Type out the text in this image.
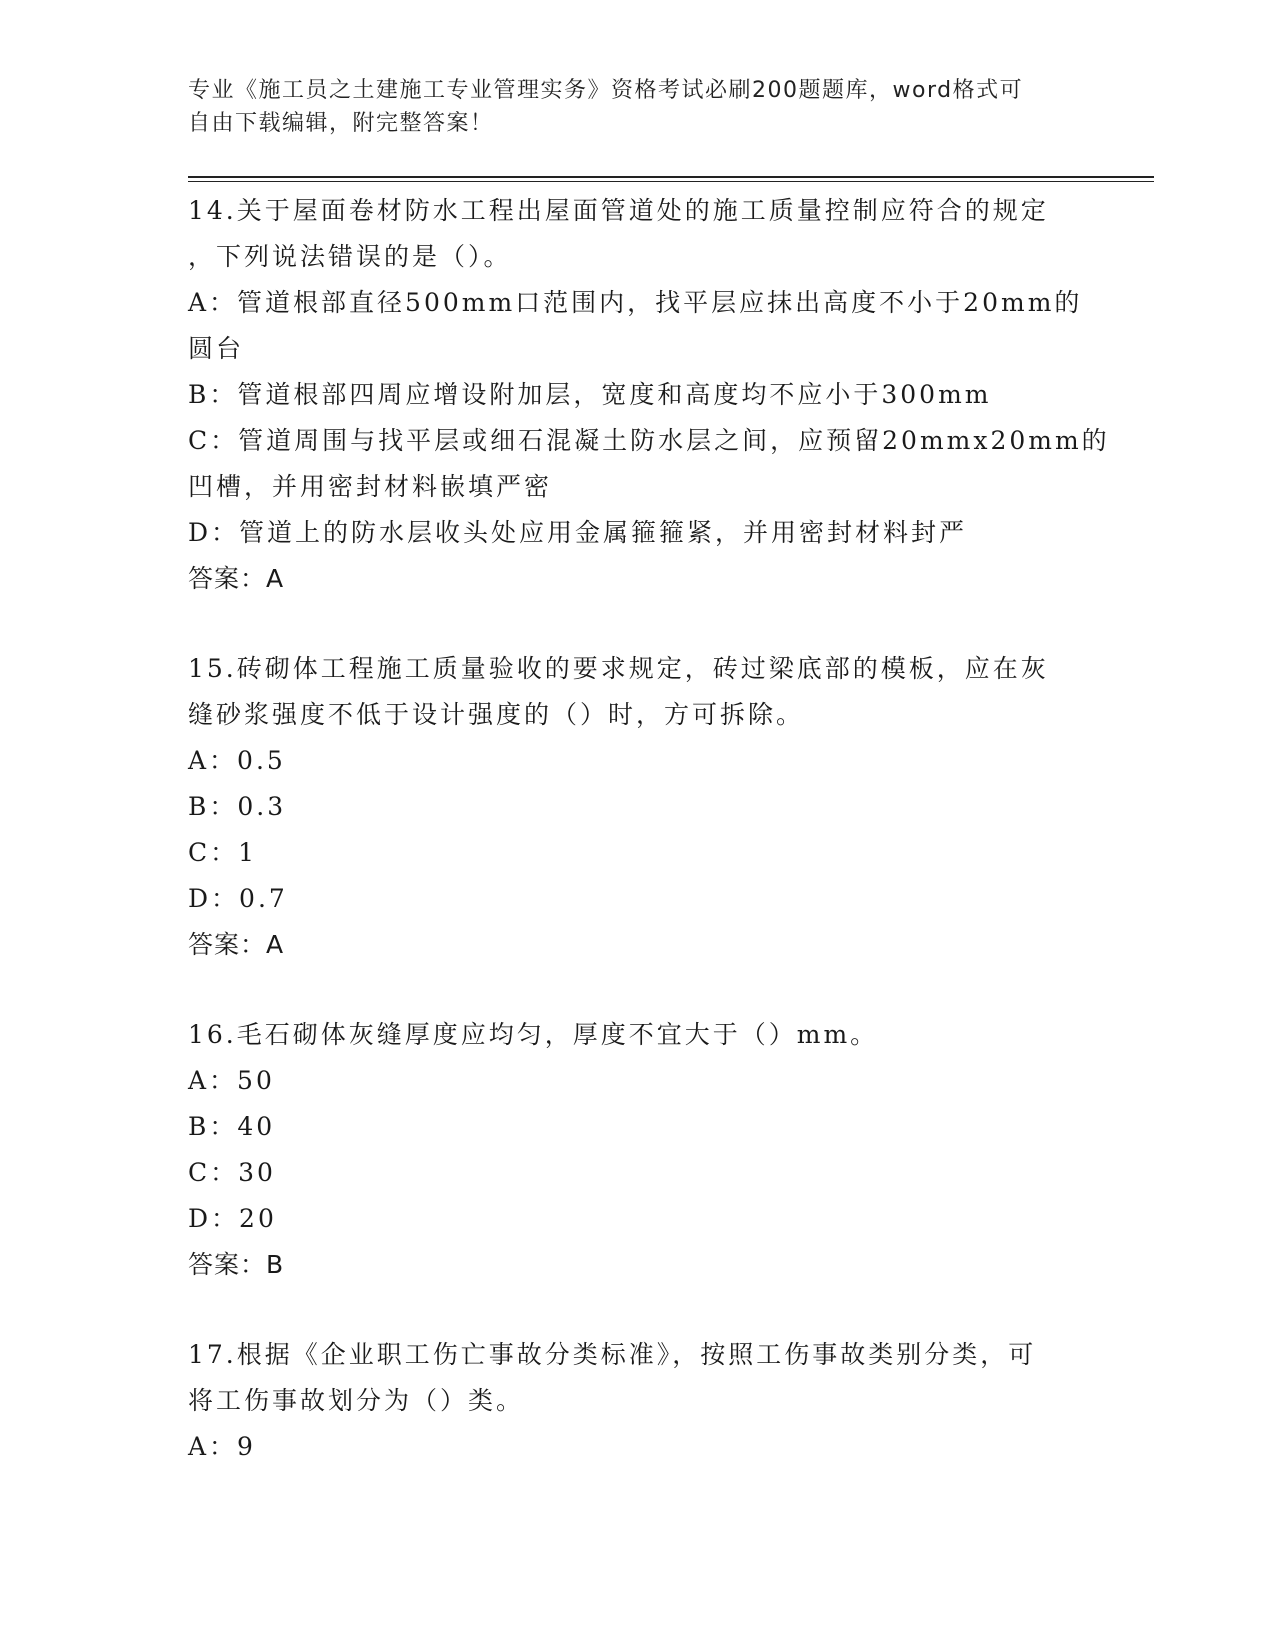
专业《施工员之土建施工专业管理实务》资格考试必刷200题题库，word格式可
自由下载编辑，附完整答案！

14.关于屋面卷材防水工程出屋面管道处的施工质量控制应符合的规定

，下列说法错误的是（）。

A：管道根部直径500mm口范围内，找平层应抹出高度不小于20mm的

圆台

B：管道根部四周应增设附加层，宽度和高度均不应小于300mm

C：管道周围与找平层或细石混凝土防水层之间，应预留20mmx20mm的

凹槽，并用密封材料嵌填严密

D：管道上的防水层收头处应用金属箍箍紧，并用密封材料封严

答案：A

15.砖砌体工程施工质量验收的要求规定，砖过梁底部的模板，应在灰

缝砂浆强度不低于设计强度的（）时，方可拆除。

A：0.5

B：0.3

C：1

D：0.7

答案：A

16.毛石砌体灰缝厚度应均匀，厚度不宜大于（）mm。

A：50

B：40

C：30

D：20

答案：B

17.根据《企业职工伤亡事故分类标准》，按照工伤事故类别分类，可

将工伤事故划分为（）类。

A：9
